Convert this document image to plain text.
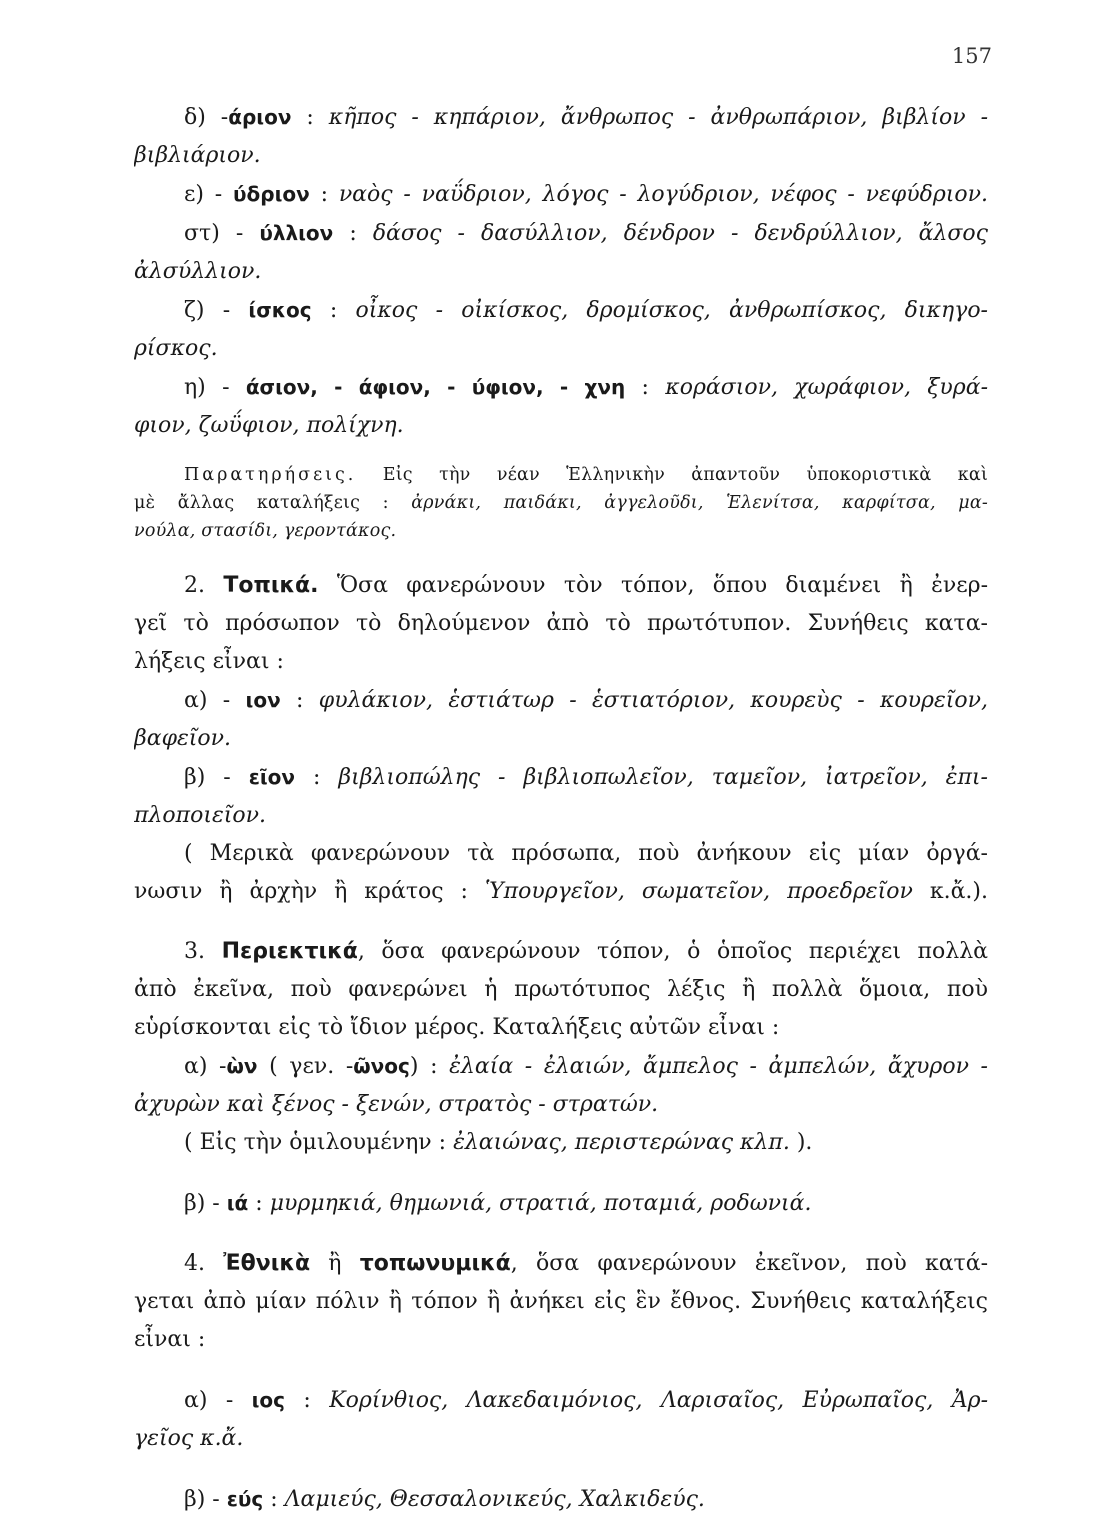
157
δ) -άριον : κῆπος - κηπάριον, ἄνθρωπος - ἀνθρωπάριον, βιβλίον -
βιβλιάριον.
ε) - ύδριον : ναὸς - ναΰδριον, λόγος - λογύδριον, νέφος - νεφύδριον.
στ) - ύλλιον : δάσος - δασύλλιον, δένδρον - δενδρύλλιον, ἄλσος
ἀλσύλλιον.
ζ) - ίσκος : οἶκος - οἰκίσκος, δρομίσκος, ἀνθρωπίσκος, δικηγο-
ρίσκος.
η) - άσιον, - άφιον, - ύφιον, - χνη : κοράσιον, χωράφιον, ξυρά-
φιον, ζωΰφιον, πολίχνη.
Παρατηρήσεις. Εἰς τὴν νέαν Ἑλληνικὴν ἀπαντοῦν ὑποκοριστικὰ καὶ
μὲ ἄλλας καταλήξεις : ἀρνάκι, παιδάκι, ἀγγελοῦδι, Ἑλενίτσα, καρφίτσα, μα-
νούλα, στασίδι, γεροντάκος.
2. Τοπικά. Ὅσα φανερώνουν τὸν τόπον, ὅπου διαμένει ἢ ἐνερ-
γεῖ τὸ πρόσωπον τὸ δηλούμενον ἀπὸ τὸ πρωτότυπον. Συνήθεις κατα-
λήξεις εἶναι :
α) - ιον : φυλάκιον, ἑστιάτωρ - ἑστιατόριον, κουρεὺς - κουρεῖον,
βαφεῖον.
β) - εῖον : βιβλιοπώλης - βιβλιοπωλεῖον, ταμεῖον, ἰατρεῖον, ἐπι-
πλοποιεῖον.
( Μερικὰ φανερώνουν τὰ πρόσωπα, ποὺ ἀνήκουν εἰς μίαν ὀργά-
νωσιν ἢ ἀρχὴν ἢ κράτος : Ὑπουργεῖον, σωματεῖον, προεδρεῖον κ.ἄ.).
3. Περιεκτικά, ὅσα φανερώνουν τόπον, ὁ ὁποῖος περιέχει πολλὰ
ἀπὸ ἐκεῖνα, ποὺ φανερώνει ἡ πρωτότυπος λέξις ἢ πολλὰ ὅμοια, ποὺ
εὑρίσκονται εἰς τὸ ἴδιον μέρος. Καταλήξεις αὐτῶν εἶναι :
α) -ὼν ( γεν. -ῶνος) : ἐλαία - ἐλαιών, ἄμπελος - ἀμπελών, ἄχυρον -
ἀχυρὼν καὶ ξένος - ξενών, στρατὸς - στρατών.
( Εἰς τὴν ὁμιλουμένην : ἐλαιώνας, περιστερώνας κλπ. ).
β) - ιά : μυρμηκιά, θημωνιά, στρατιά, ποταμιά, ροδωνιά.
4. Ἐθνικὰ ἢ τοπωνυμικά, ὅσα φανερώνουν ἐκεῖνον, ποὺ κατά-
γεται ἀπὸ μίαν πόλιν ἢ τόπον ἢ ἀνήκει εἰς ἓν ἔθνος. Συνήθεις καταλήξεις
εἶναι :
α) - ιος : Κορίνθιος, Λακεδαιμόνιος, Λαρισαῖος, Εὐρωπαῖος, Ἀρ-
γεῖος κ.ἄ.
β) - εύς : Λαμιεύς, Θεσσαλονικεύς, Χαλκιδεύς.
